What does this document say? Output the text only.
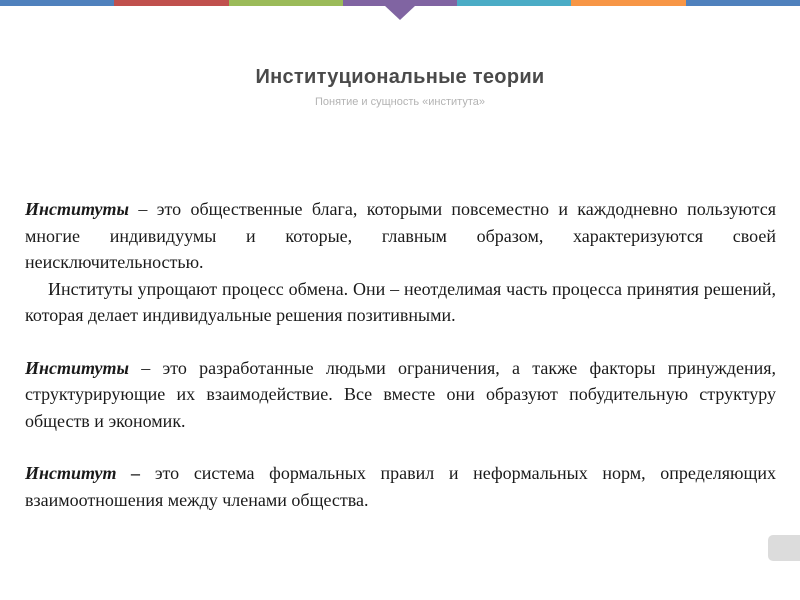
Институциональные теории
Понятие и сущность «института»

Институты – это общественные блага, которыми повсеместно и каждодневно пользуются многие индивидуумы и которые, главным образом, характеризуются своей неисключительностью.

Институты упрощают процесс обмена. Они – неотделимая часть процесса принятия решений, которая делает индивидуальные решения позитивными.

Институты – это разработанные людьми ограничения, а также факторы принуждения, структурирующие их взаимодействие. Все вместе они образуют побудительную структуру обществ и экономик.

Институт – это система формальных правил и неформальных норм, определяющих взаимоотношения между членами общества.
